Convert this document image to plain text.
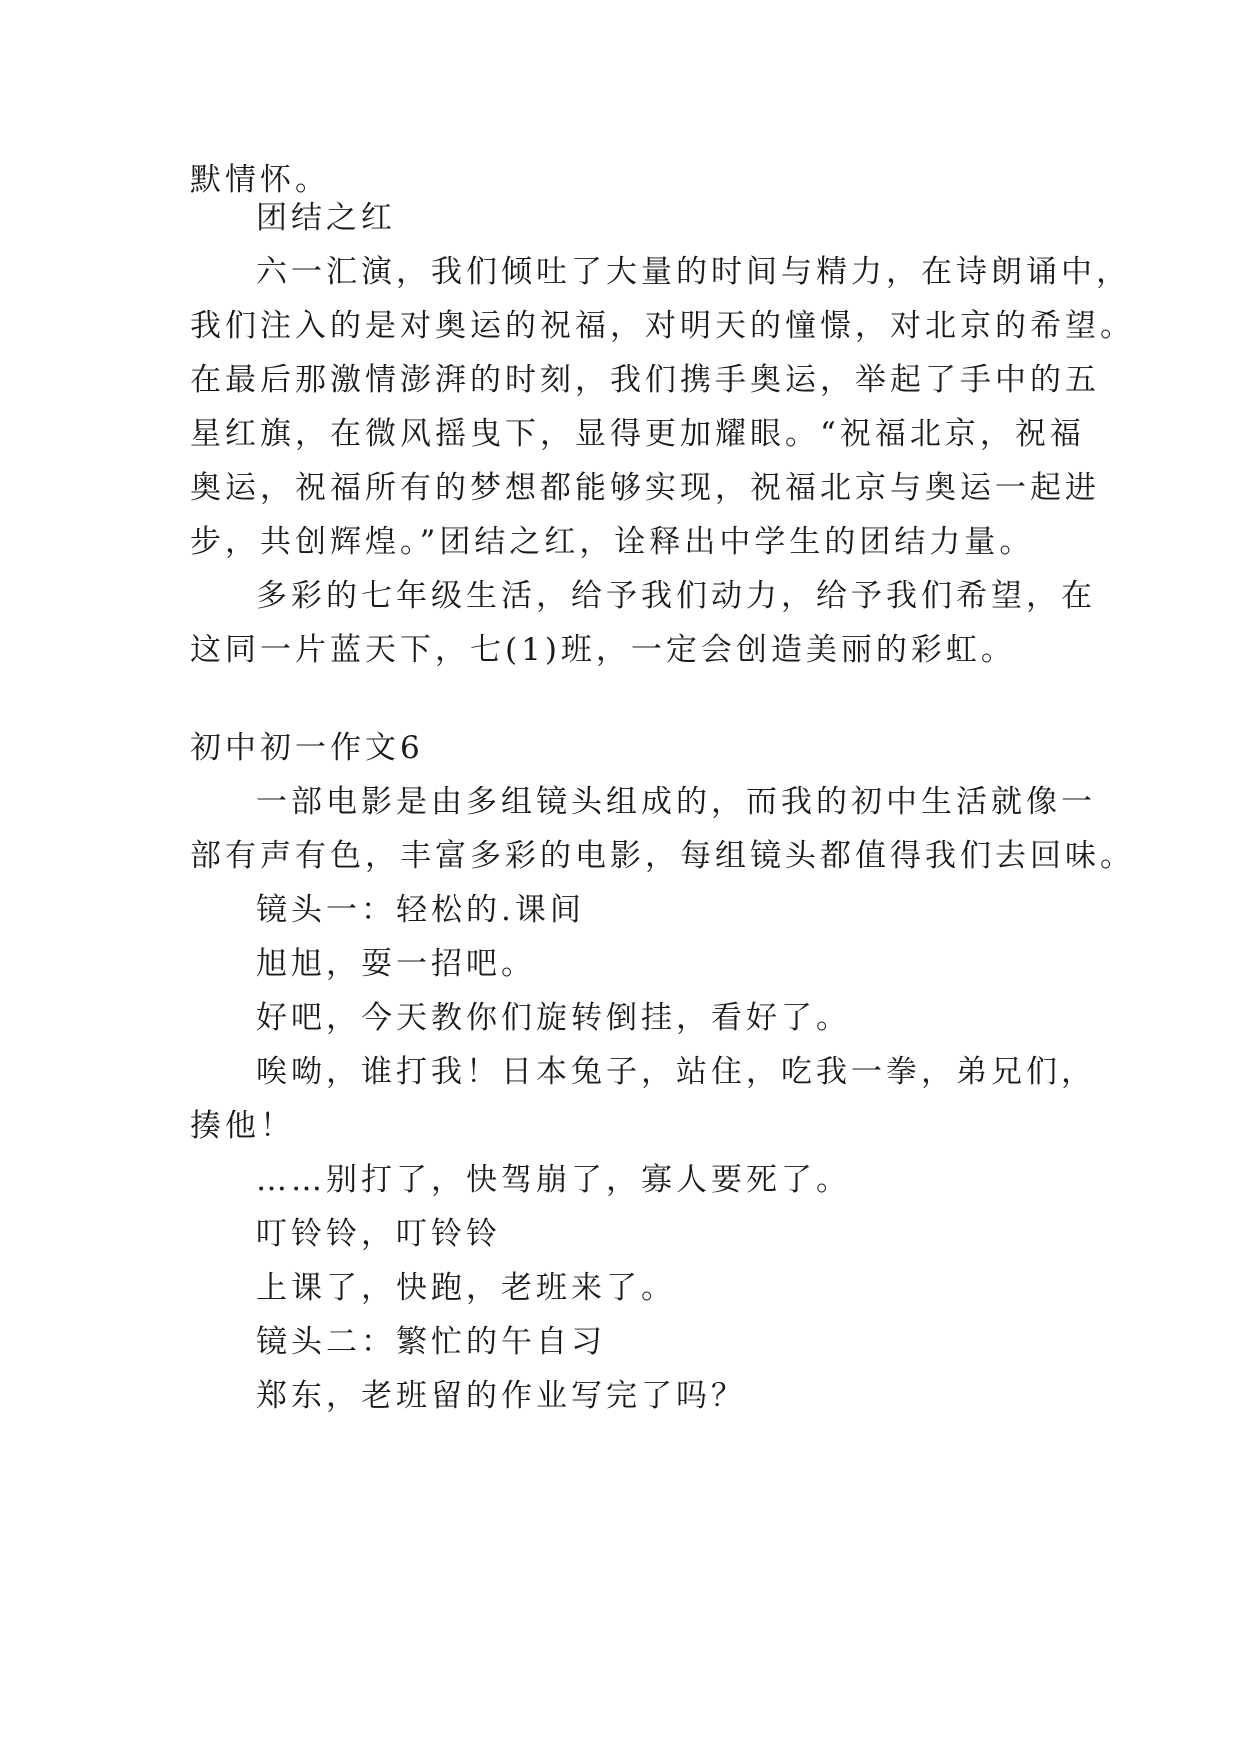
默情怀。
团结之红
六一汇演，我们倾吐了大量的时间与精力，在诗朗诵中，
我们注入的是对奥运的祝福，对明天的憧憬，对北京的希望。
在最后那激情澎湃的时刻，我们携手奥运，举起了手中的五
星红旗，在微风摇曳下，显得更加耀眼。“祝福北京，祝福
奥运，祝福所有的梦想都能够实现，祝福北京与奥运一起进
步，共创辉煌。”团结之红，诠释出中学生的团结力量。
多彩的七年级生活，给予我们动力，给予我们希望，在
这同一片蓝天下，七(1)班，一定会创造美丽的彩虹。
初中初一作文6
一部电影是由多组镜头组成的，而我的初中生活就像一
部有声有色，丰富多彩的电影，每组镜头都值得我们去回味。
镜头一：轻松的.课间
旭旭，耍一招吧。
好吧，今天教你们旋转倒挂，看好了。
唉呦，谁打我！日本兔子，站住，吃我一拳，弟兄们，
揍他！
……别打了，快驾崩了，寡人要死了。
叮铃铃，叮铃铃
上课了，快跑，老班来了。
镜头二：繁忙的午自习
郑东，老班留的作业写完了吗？
